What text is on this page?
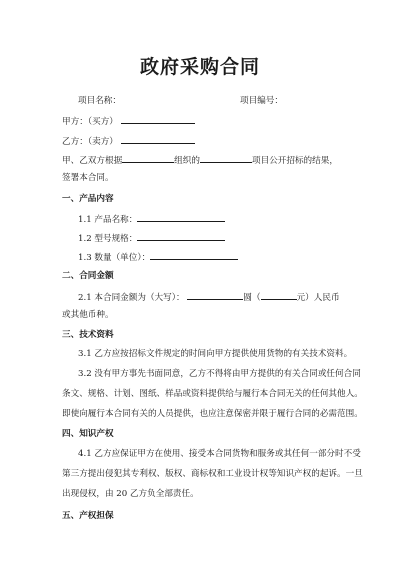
政府采购合同
项目名称：	项目编号：
甲方：（买方）
乙方：（卖方）
甲、乙双方根据	组织的	项目公开招标的结果，
签署本合同。
一、产品内容
1.1 产品名称：
1.2 型号规格：
1.3 数量（单位）：
二、合同金额
2.1 本合同金额为（大写）：	圆（	元）人民币
或其他币种。
三、技术资料
3.1 乙方应按招标文件规定的时间向甲方提供使用货物的有关技术资料。
3.2 没有甲方事先书面同意，乙方不得将由甲方提供的有关合同或任何合同
条文、规格、计划、图纸、样品或资料提供给与履行本合同无关的任何其他人。
即使向履行本合同有关的人员提供，也应注意保密并限于履行合同的必需范围。
四、知识产权
4.1 乙方应保证甲方在使用、接受本合同货物和服务或其任何一部分时不受
第三方提出侵犯其专利权、版权、商标权和工业设计权等知识产权的起诉。一旦
出现侵权，由 20 乙方负全部责任。
五、产权担保
